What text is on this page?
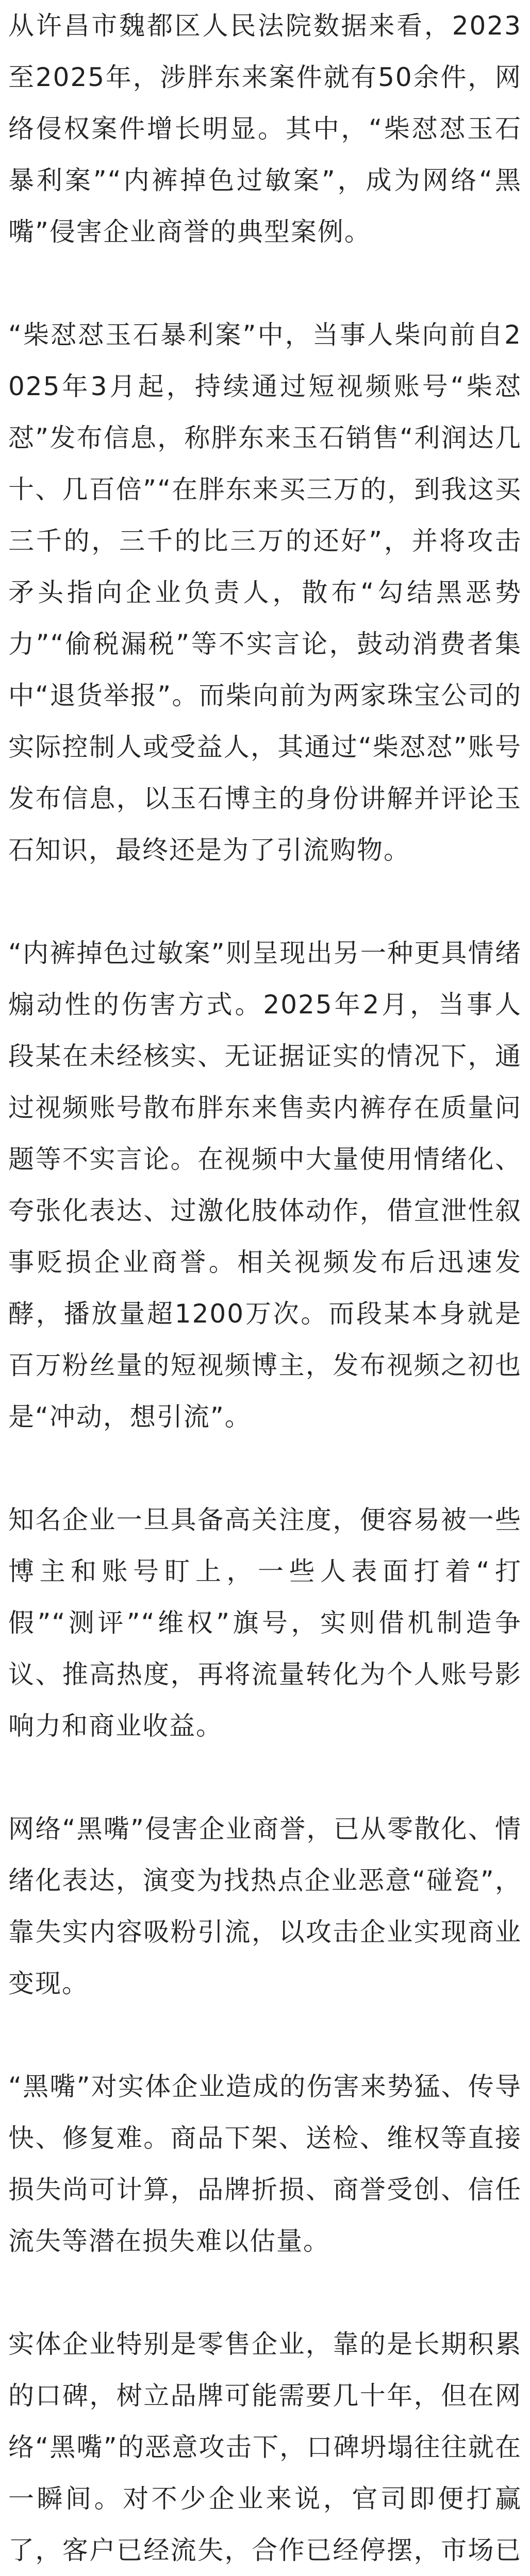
从许昌市魏都区人民法院数据来看，2023至2025年，涉胖东来案件就有50余件，网络侵权案件增长明显。其中，“柴怼怼玉石暴利案”“内裤掉色过敏案”，成为网络“黑嘴”侵害企业商誉的典型案例。

“柴怼怼玉石暴利案”中，当事人柴向前自2025年3月起，持续通过短视频账号“柴怼怼”发布信息，称胖东来玉石销售“利润达几十、几百倍”“在胖东来买三万的，到我这买三千的，三千的比三万的还好”，并将攻击矛头指向企业负责人，散布“勾结黑恶势力”“偷税漏税”等不实言论，鼓动消费者集中“退货举报”。而柴向前为两家珠宝公司的实际控制人或受益人，其通过“柴怼怼”账号发布信息，以玉石博主的身份讲解并评论玉石知识，最终还是为了引流购物。

“内裤掉色过敏案”则呈现出另一种更具情绪煽动性的伤害方式。2025年2月，当事人段某在未经核实、无证据证实的情况下，通过视频账号散布胖东来售卖内裤存在质量问题等不实言论。在视频中大量使用情绪化、夸张化表达、过激化肢体动作，借宣泄性叙事贬损企业商誉。相关视频发布后迅速发酵，播放量超1200万次。而段某本身就是百万粉丝量的短视频博主，发布视频之初也是“冲动，想引流”。

知名企业一旦具备高关注度，便容易被一些博主和账号盯上，一些人表面打着“打假”“测评”“维权”旗号，实则借机制造争议、推高热度，再将流量转化为个人账号影响力和商业收益。

网络“黑嘴”侵害企业商誉，已从零散化、情绪化表达，演变为找热点企业恶意“碰瓷”，靠失实内容吸粉引流，以攻击企业实现商业变现。

“黑嘴”对实体企业造成的伤害来势猛、传导快、修复难。商品下架、送检、维权等直接损失尚可计算，品牌折损、商誉受创、信任流失等潜在损失难以估量。

实体企业特别是零售企业，靠的是长期积累的口碑，树立品牌可能需要几十年，但在网络“黑嘴”的恶意攻击下，口碑坍塌往往就在一瞬间。对不少企业来说，官司即便打赢了，客户已经流失，合作已经停摆，市场已
